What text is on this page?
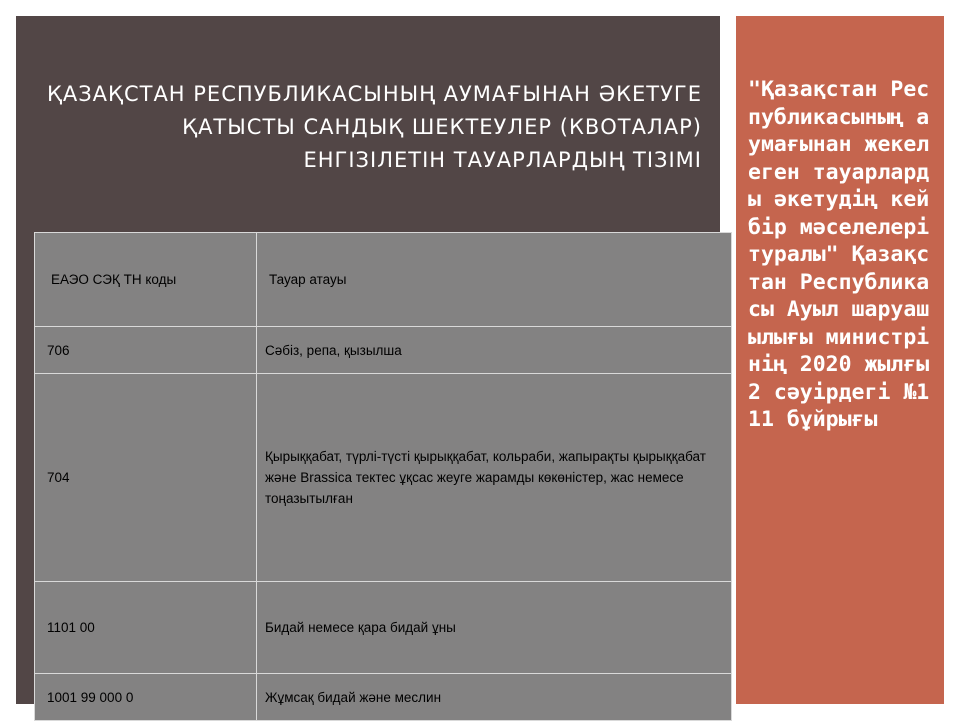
ҚАЗАҚСТАН РЕСПУБЛИКАСЫНЫҢ АУМАҒЫНАН ӘКЕТУГЕ ҚАТЫСТЫ САНДЫҚ ШЕКТЕУЛЕР (КВОТАЛАР) ЕНГІЗІЛЕТІН ТАУАРЛАРДЫҢ ТІЗІМІ
ЕАЭО СЭҚ ТН коды	Тауар атауы
706	Сәбіз, репа, қызылша
704	Қырыққабат, түрлі-түсті қырыққабат, кольраби, жапырақты қырыққабат және Brassica тектес ұқсас жеуге жарамды көкөністер, жас немесе тоңазытылған
1101 00	Бидай немесе қара бидай ұны
1001 99 000 0	Жұмсақ бидай және меслин

"Қазақстан Республикасының аумағынан жекелеген тауарларды әкетудің кейбір мәселелері туралы" Қазақстан Республикасы Ауыл шаруашылығы министрінің 2020 жылғы 2 сәуірдегі №111 бұйрығы
